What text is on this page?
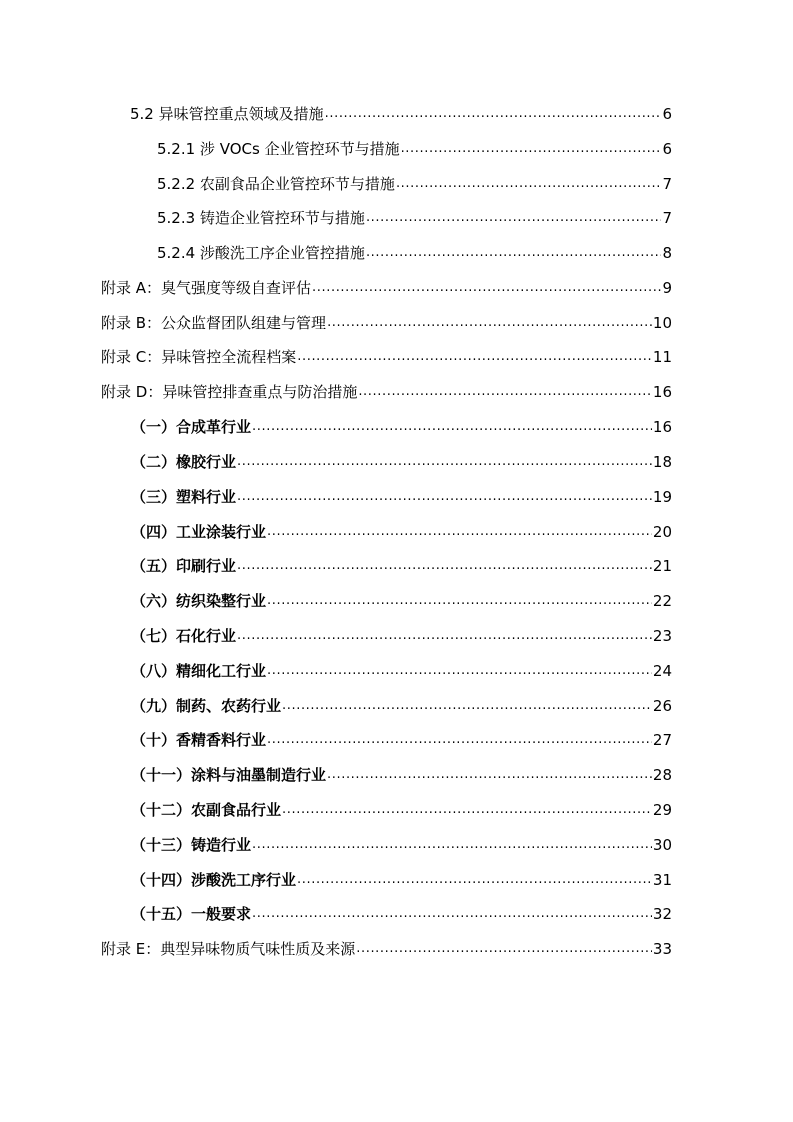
5.2 异味管控重点领域及措施 .....	6
5.2.1 涉 VOCs 企业管控环节与措施 .....	6
5.2.2 农副食品企业管控环节与措施 .....	7
5.2.3 铸造企业管控环节与措施 .....	7
5.2.4 涉酸洗工序企业管控措施 .....	8
附录 A：臭气强度等级自查评估 .....	9
附录 B：公众监督团队组建与管理 .....	10
附录 C：异味管控全流程档案 .....	11
附录 D：异味管控排查重点与防治措施 .....	16
（一）合成革行业 .....	16
（二）橡胶行业 .....	18
（三）塑料行业 .....	19
（四）工业涂装行业 .....	20
（五）印刷行业 .....	21
（六）纺织染整行业 .....	22
（七）石化行业 .....	23
（八）精细化工行业 .....	24
（九）制药、农药行业 .....	26
（十）香精香料行业 .....	27
（十一）涂料与油墨制造行业 .....	28
（十二）农副食品行业 .....	29
（十三）铸造行业 .....	30
（十四）涉酸洗工序行业 .....	31
（十五）一般要求 .....	32
附录 E：典型异味物质气味性质及来源 .....	33
